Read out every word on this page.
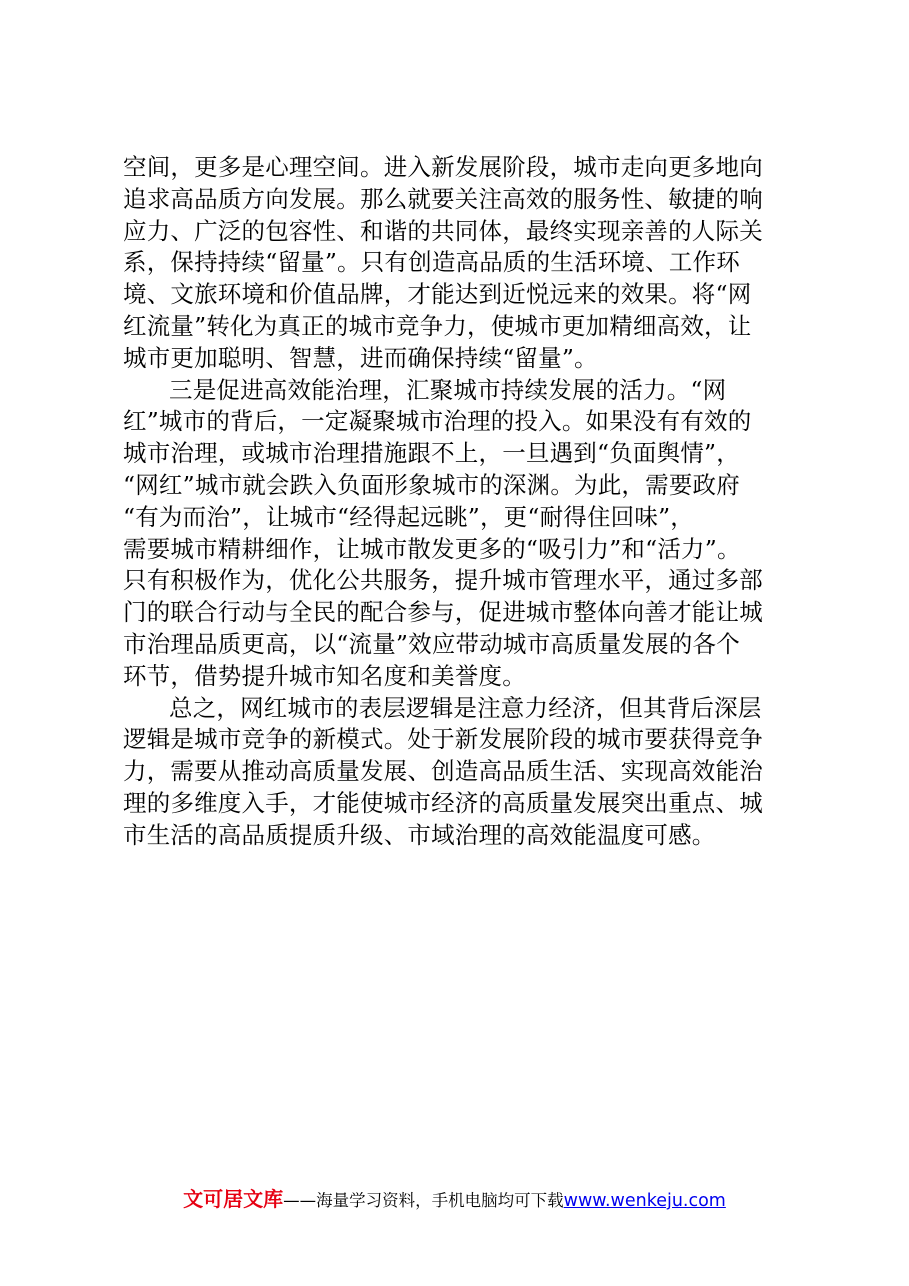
空间，更多是心理空间。进入新发展阶段，城市走向更多地向
追求高品质方向发展。那么就要关注高效的服务性、敏捷的响
应力、广泛的包容性、和谐的共同体，最终实现亲善的人际关
系，保持持续“留量”。只有创造高品质的生活环境、工作环
境、文旅环境和价值品牌，才能达到近悦远来的效果。将“网
红流量”转化为真正的城市竞争力，使城市更加精细高效，让
城市更加聪明、智慧，进而确保持续“留量”。
三是促进高效能治理，汇聚城市持续发展的活力。“网
红”城市的背后，一定凝聚城市治理的投入。如果没有有效的
城市治理，或城市治理措施跟不上，一旦遇到“负面舆情”，
“网红”城市就会跌入负面形象城市的深渊。为此，需要政府
“有为而治”，让城市“经得起远眺”，更“耐得住回味”，
需要城市精耕细作，让城市散发更多的“吸引力”和“活力”。
只有积极作为，优化公共服务，提升城市管理水平，通过多部
门的联合行动与全民的配合参与，促进城市整体向善才能让城
市治理品质更高，以“流量”效应带动城市高质量发展的各个
环节，借势提升城市知名度和美誉度。
总之，网红城市的表层逻辑是注意力经济，但其背后深层
逻辑是城市竞争的新模式。处于新发展阶段的城市要获得竞争
力，需要从推动高质量发展、创造高品质生活、实现高效能治
理的多维度入手，才能使城市经济的高质量发展突出重点、城
市生活的高品质提质升级、市域治理的高效能温度可感。
文可居文库——海量学习资料，手机电脑均可下载www.wenkeju.com
